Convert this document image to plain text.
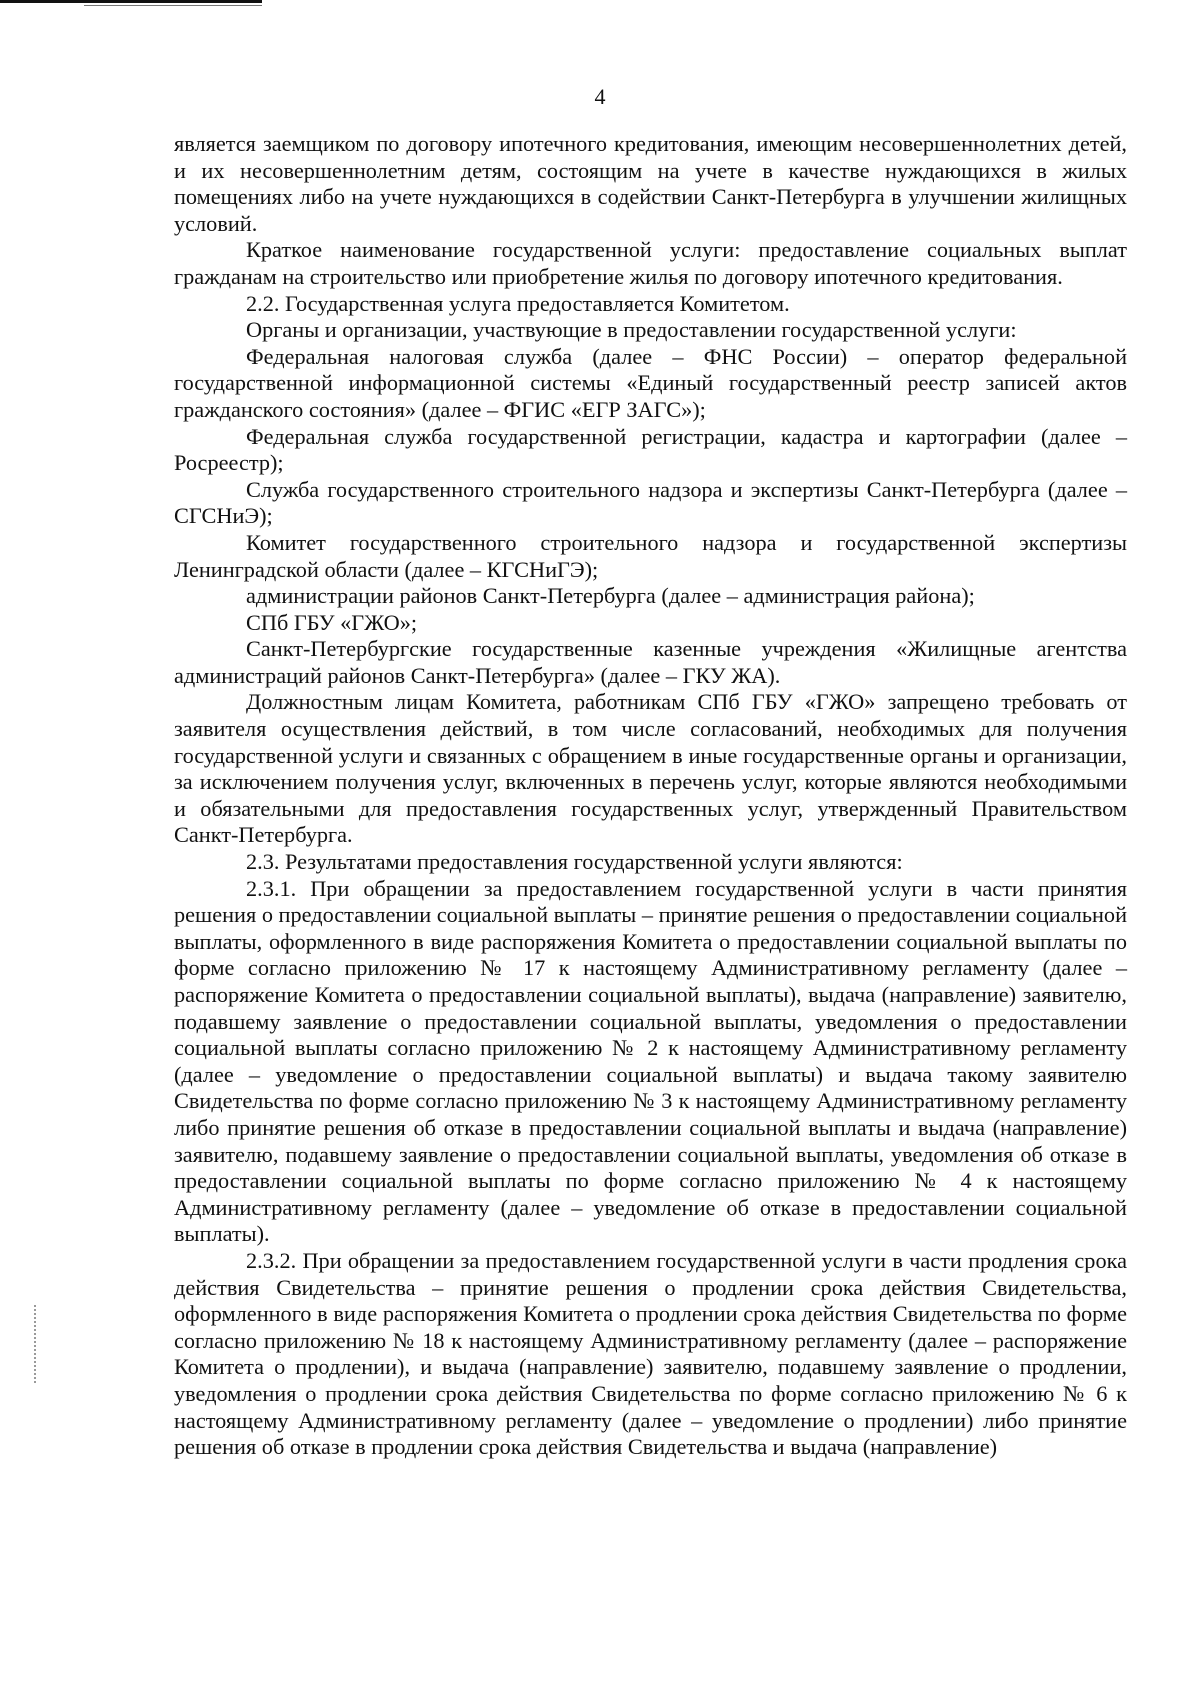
4

является заемщиком по договору ипотечного кредитования, имеющим несовершеннолетних детей, и их несовершеннолетним детям, состоящим на учете в качестве нуждающихся в жилых помещениях либо на учете нуждающихся в содействии Санкт-Петербурга в улучшении жилищных условий.

Краткое наименование государственной услуги: предоставление социальных выплат гражданам на строительство или приобретение жилья по договору ипотечного кредитования.

2.2. Государственная услуга предоставляется Комитетом.

Органы и организации, участвующие в предоставлении государственной услуги:

Федеральная налоговая служба (далее – ФНС России) – оператор федеральной государственной информационной системы «Единый государственный реестр записей актов гражданского состояния» (далее – ФГИС «ЕГР ЗАГС»);

Федеральная служба государственной регистрации, кадастра и картографии (далее – Росреестр);

Служба государственного строительного надзора и экспертизы Санкт-Петербурга (далее – СГСНиЭ);

Комитет государственного строительного надзора и государственной экспертизы Ленинградской области (далее – КГСНиГЭ);

администрации районов Санкт-Петербурга (далее – администрация района);

СПб ГБУ «ГЖО»;

Санкт-Петербургские государственные казенные учреждения «Жилищные агентства администраций районов Санкт-Петербурга» (далее – ГКУ ЖА).

Должностным лицам Комитета, работникам СПб ГБУ «ГЖО» запрещено требовать от заявителя осуществления действий, в том числе согласований, необходимых для получения государственной услуги и связанных с обращением в иные государственные органы и организации, за исключением получения услуг, включенных в перечень услуг, которые являются необходимыми и обязательными для предоставления государственных услуг, утвержденный Правительством Санкт-Петербурга.

2.3. Результатами предоставления государственной услуги являются:

2.3.1. При обращении за предоставлением государственной услуги в части принятия решения о предоставлении социальной выплаты – принятие решения о предоставлении социальной выплаты, оформленного в виде распоряжения Комитета о предоставлении социальной выплаты по форме согласно приложению № 17 к настоящему Административному регламенту (далее – распоряжение Комитета о предоставлении социальной выплаты), выдача (направление) заявителю, подавшему заявление о предоставлении социальной выплаты, уведомления о предоставлении социальной выплаты согласно приложению № 2 к настоящему Административному регламенту (далее – уведомление о предоставлении социальной выплаты) и выдача такому заявителю Свидетельства по форме согласно приложению № 3 к настоящему Административному регламенту либо принятие решения об отказе в предоставлении социальной выплаты и выдача (направление) заявителю, подавшему заявление о предоставлении социальной выплаты, уведомления об отказе в предоставлении социальной выплаты по форме согласно приложению № 4 к настоящему Административному регламенту (далее – уведомление об отказе в предоставлении социальной выплаты).

2.3.2. При обращении за предоставлением государственной услуги в части продления срока действия Свидетельства – принятие решения о продлении срока действия Свидетельства, оформленного в виде распоряжения Комитета о продлении срока действия Свидетельства по форме согласно приложению № 18 к настоящему Административному регламенту (далее – распоряжение Комитета о продлении), и выдача (направление) заявителю, подавшему заявление о продлении, уведомления о продлении срока действия Свидетельства по форме согласно приложению № 6 к настоящему Административному регламенту (далее – уведомление о продлении) либо принятие решения об отказе в продлении срока действия Свидетельства и выдача (направление)
